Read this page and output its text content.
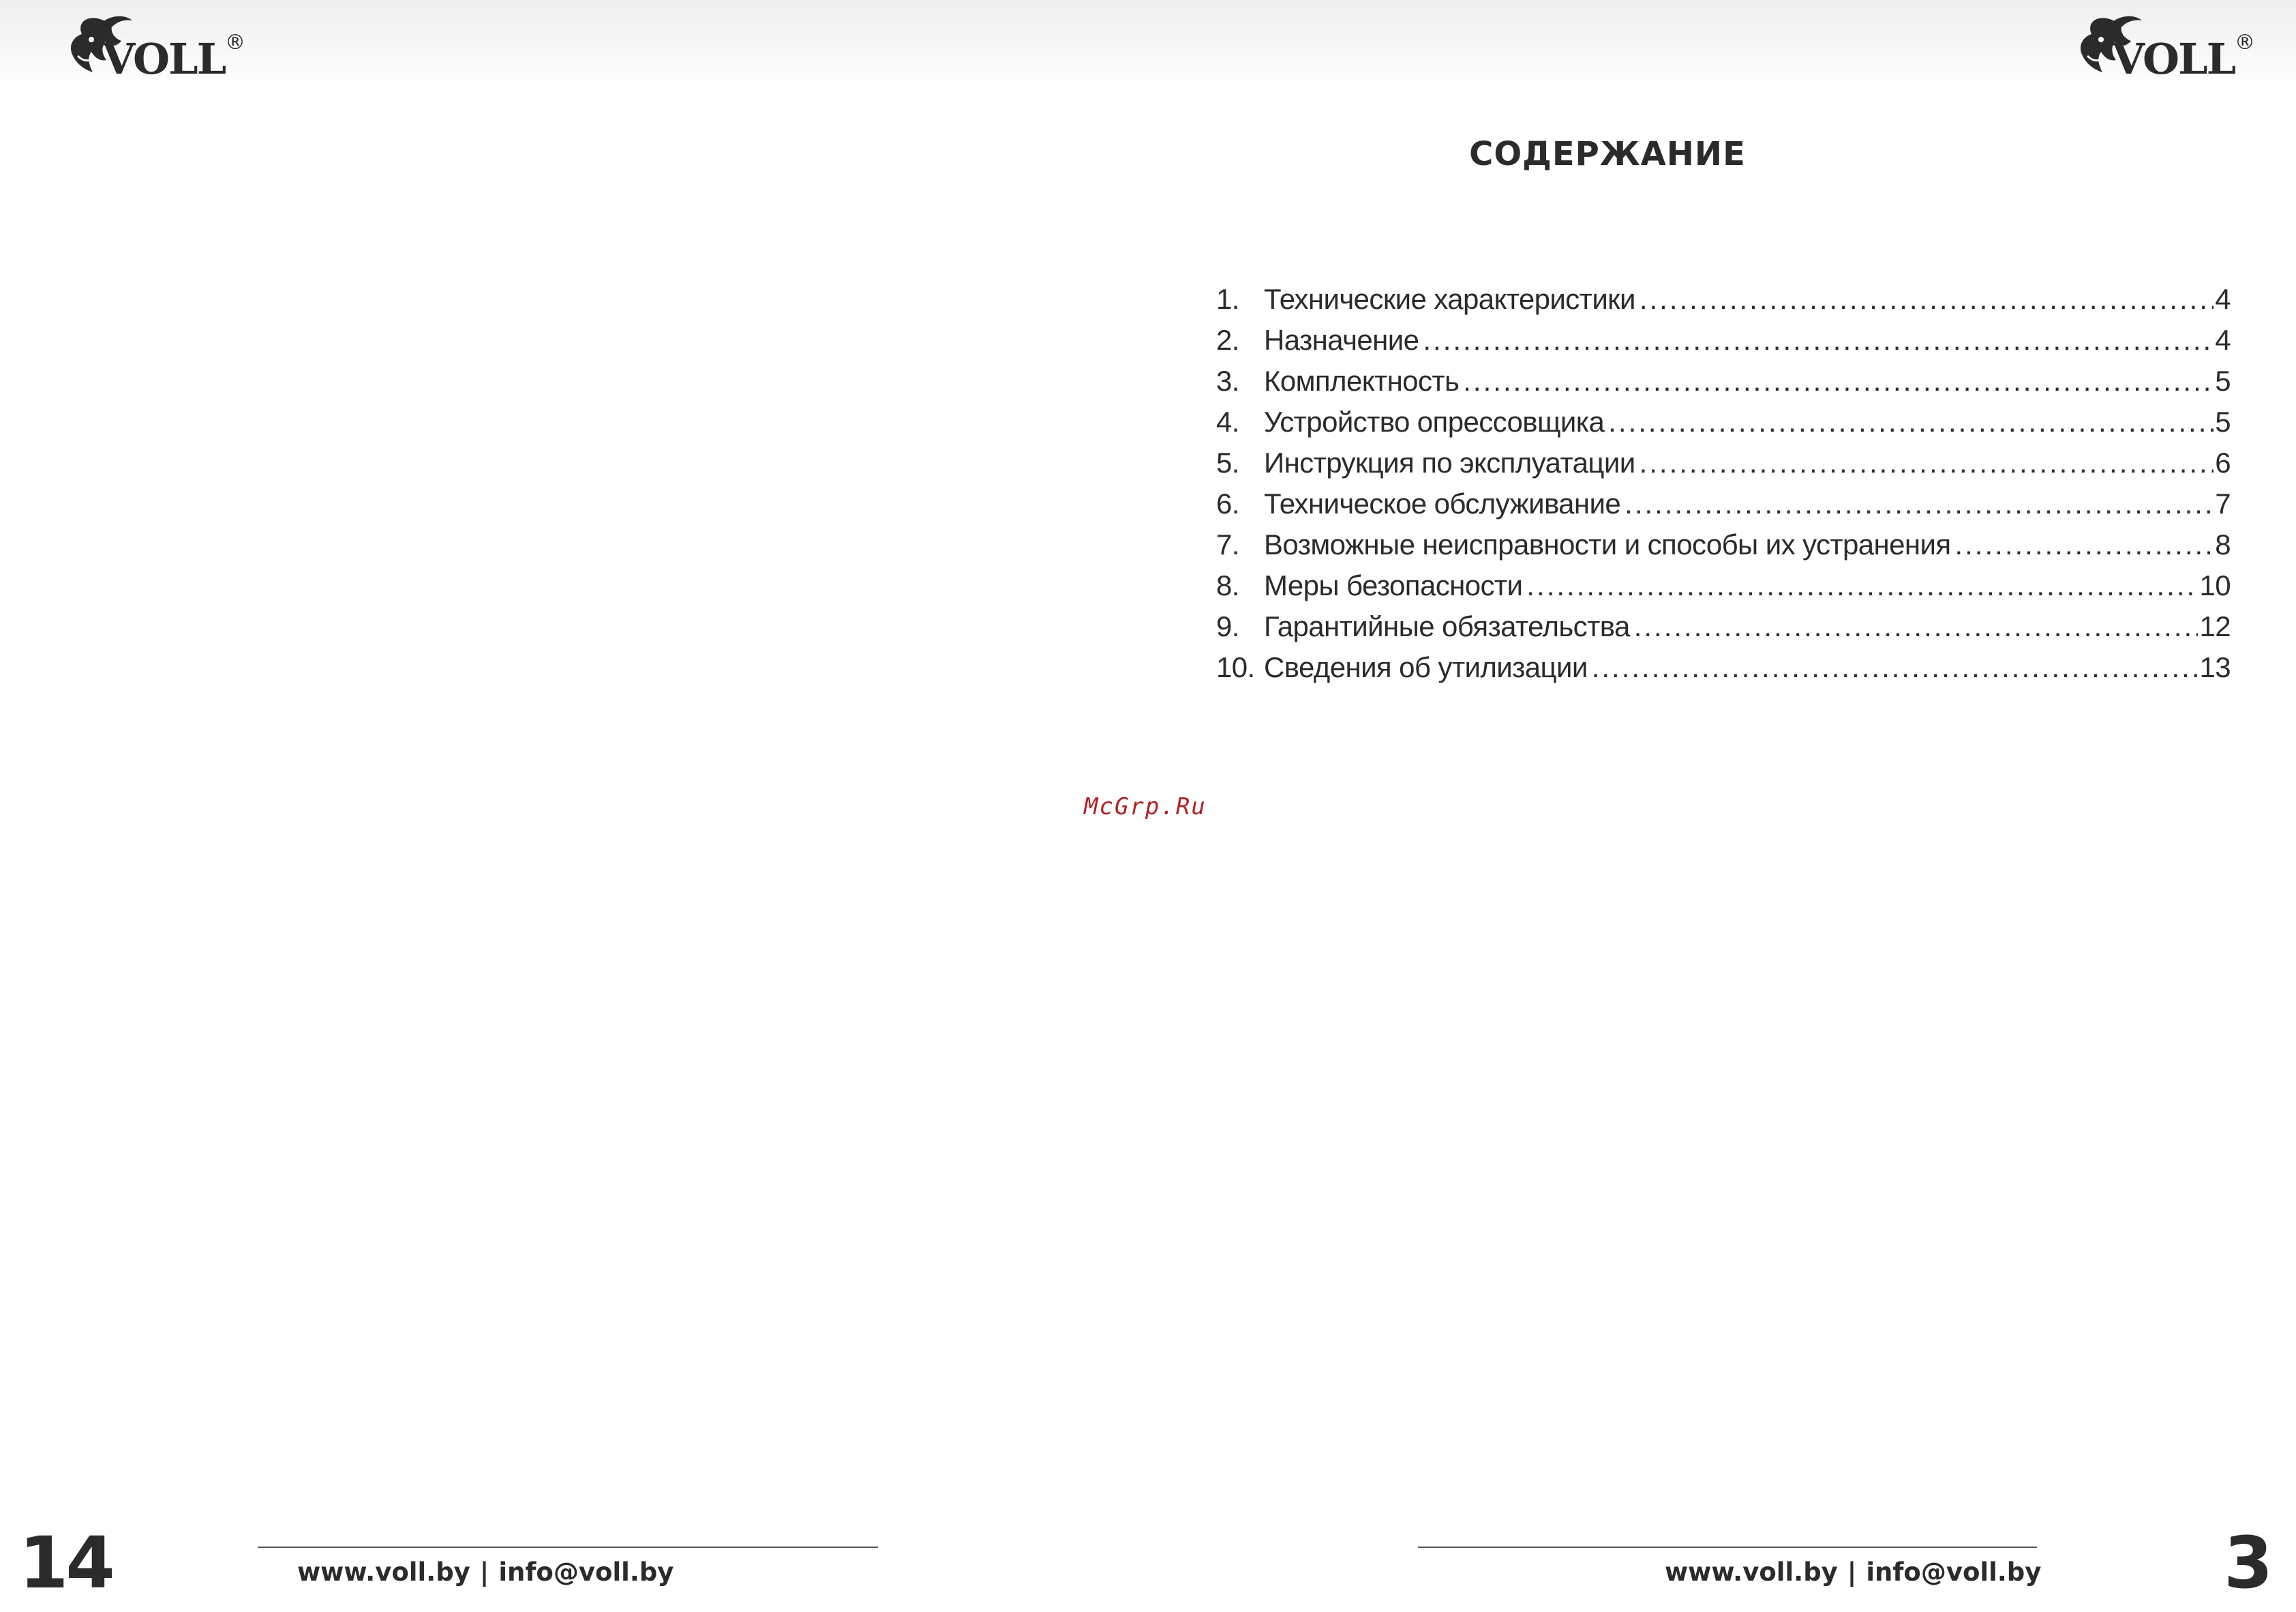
VOLL ®
www.voll.by | info@voll.by
14
VOLL ®
www.voll.by | info@voll.by	3
СОДЕРЖАНИЕ
1. Технические характеристики .....	4
2. Назначение .....	4
3. Комплектность .....	5
4. Устройство опрессовщика .....	5
5. Инструкция по эксплуатации .....	6
6. Техническое обслуживание .....	7
7. Возможные неисправности и способы их устранения .....	8
8. Меры безопасности .....	10
9. Гарантийные обязательства .....	12
10. Сведения об утилизации .....	13
McGrp.Ru
